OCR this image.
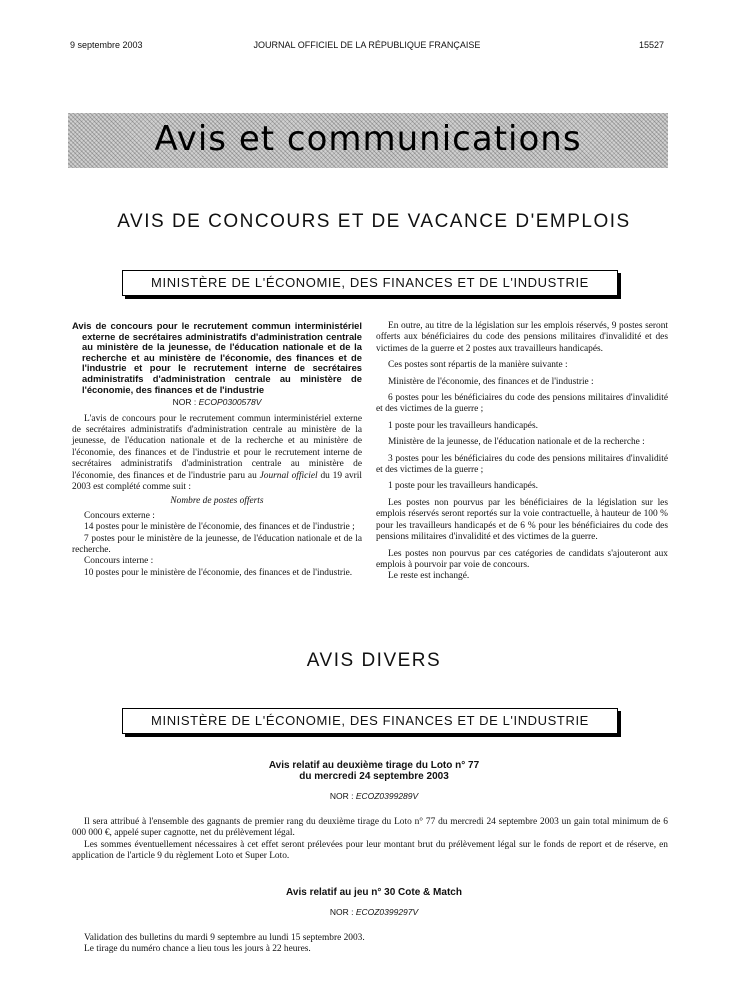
9 septembre 2003	JOURNAL OFFICIEL DE LA RÉPUBLIQUE FRANÇAISE	15527
Avis et communications
AVIS DE CONCOURS ET DE VACANCE D'EMPLOIS
MINISTÈRE DE L'ÉCONOMIE, DES FINANCES ET DE L'INDUSTRIE

Avis de concours pour le recrutement commun interministériel externe de secrétaires administratifs d'administration centrale au ministère de la jeunesse, de l'éducation nationale et de la recherche et au ministère de l'économie, des finances et de l'industrie et pour le recrutement interne de secrétaires administratifs d'administration centrale au ministère de l'économie, des finances et de l'industrie

NOR : ECOP0300578V

L'avis de concours pour le recrutement commun interministériel externe de secrétaires administratifs d'administration centrale au ministère de la jeunesse, de l'éducation nationale et de la recherche et au ministère de l'économie, des finances et de l'industrie et pour le recrutement interne de secrétaires administratifs d'administration centrale au ministère de l'économie, des finances et de l'industrie paru au Journal officiel du 19 avril 2003 est complété comme suit :

Nombre de postes offerts

Concours externe :

14 postes pour le ministère de l'économie, des finances et de l'industrie ;

7 postes pour le ministère de la jeunesse, de l'éducation nationale et de la recherche.

Concours interne :

10 postes pour le ministère de l'économie, des finances et de l'industrie.

En outre, au titre de la législation sur les emplois réservés, 9 postes seront offerts aux bénéficiaires du code des pensions militaires d'invalidité et des victimes de la guerre et 2 postes aux travailleurs handicapés.

Ces postes sont répartis de la manière suivante :

Ministère de l'économie, des finances et de l'industrie :

6 postes pour les bénéficiaires du code des pensions militaires d'invalidité et des victimes de la guerre ;

1 poste pour les travailleurs handicapés.

Ministère de la jeunesse, de l'éducation nationale et de la recherche :

3 postes pour les bénéficiaires du code des pensions militaires d'invalidité et des victimes de la guerre ;

1 poste pour les travailleurs handicapés.

Les postes non pourvus par les bénéficiaires de la législation sur les emplois réservés seront reportés sur la voie contractuelle, à hauteur de 100 % pour les travailleurs handicapés et de 6 % pour les bénéficiaires du code des pensions militaires d'invalidité et des victimes de la guerre.

Les postes non pourvus par ces catégories de candidats s'ajouteront aux emplois à pourvoir par voie de concours.

Le reste est inchangé.

AVIS DIVERS
MINISTÈRE DE L'ÉCONOMIE, DES FINANCES ET DE L'INDUSTRIE
Avis relatif au deuxième tirage du Loto n° 77
du mercredi 24 septembre 2003
NOR : ECOZ0399289V

Il sera attribué à l'ensemble des gagnants de premier rang du deuxième tirage du Loto n° 77 du mercredi 24 septembre 2003 un gain total minimum de 6 000 000 €, appelé super cagnotte, net du prélèvement légal.

Les sommes éventuellement nécessaires à cet effet seront prélevées pour leur montant brut du prélèvement légal sur le fonds de report et de réserve, en application de l'article 9 du règlement Loto et Super Loto.

Avis relatif au jeu n° 30 Cote & Match
NOR : ECOZ0399297V

Validation des bulletins du mardi 9 septembre au lundi 15 septembre 2003.

Le tirage du numéro chance a lieu tous les jours à 22 heures.
